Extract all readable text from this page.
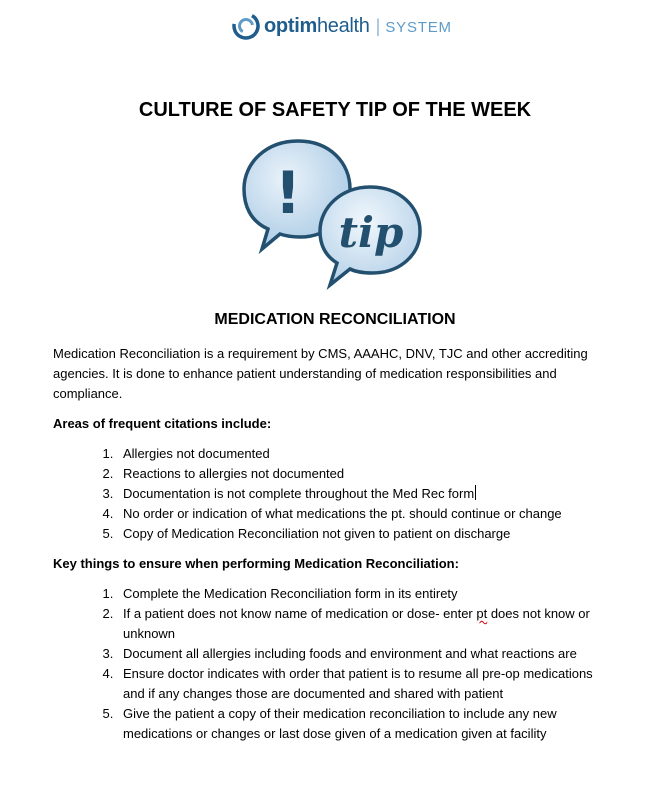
optim health | SYSTEM
CULTURE OF SAFETY TIP OF THE WEEK
!
tip
MEDICATION RECONCILIATION

Medication Reconciliation is a requirement by CMS, AAAHC, DNV, TJC and other accrediting agencies. It is done to enhance patient understanding of medication responsibilities and compliance.

Areas of frequent citations include:

1. Allergies not documented
2. Reactions to allergies not documented
3. Documentation is not complete throughout the Med Rec form
4. No order or indication of what medications the pt. should continue or change
5. Copy of Medication Reconciliation not given to patient on discharge

Key things to ensure when performing Medication Reconciliation:

1. Complete the Medication Reconciliation form in its entirety
2. If a patient does not know name of medication or dose- enter pt does not know or unknown
3. Document all allergies including foods and environment and what reactions are
4. Ensure doctor indicates with order that patient is to resume all pre-op medications and if any changes those are documented and shared with patient
5. Give the patient a copy of their medication reconciliation to include any new medications or changes or last dose given of a medication given at facility
